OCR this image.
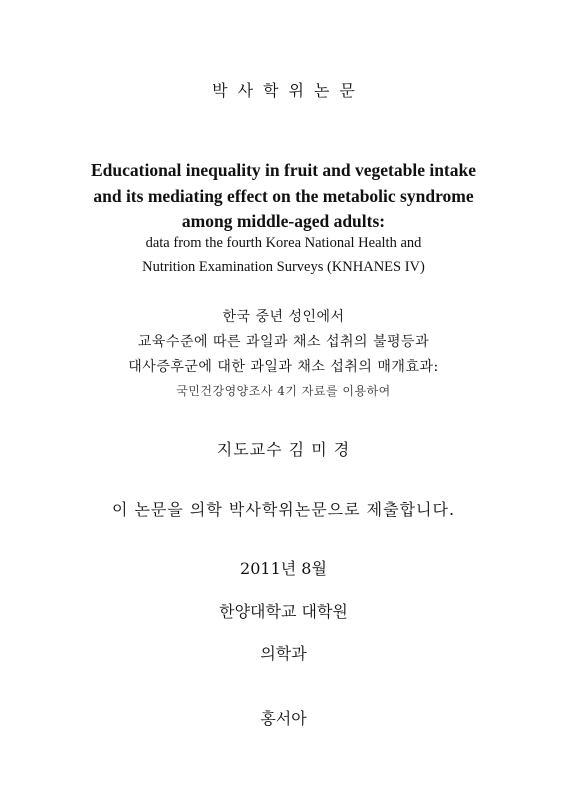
박사학위논문

Educational inequality in fruit and vegetable intake

and its mediating effect on the metabolic syndrome

among middle-aged adults:

data from the fourth Korea National Health and

Nutrition Examination Surveys (KNHANES IV)

한국 중년 성인에서

교육수준에 따른 과일과 채소 섭취의 불평등과

대사증후군에 대한 과일과 채소 섭취의 매개효과:

국민건강영양조사 4기 자료를 이용하여

지도교수 김 미 경

이 논문을 의학 박사학위논문으로 제출합니다.

2011년 8월

한양대학교 대학원

의학과

홍서아
